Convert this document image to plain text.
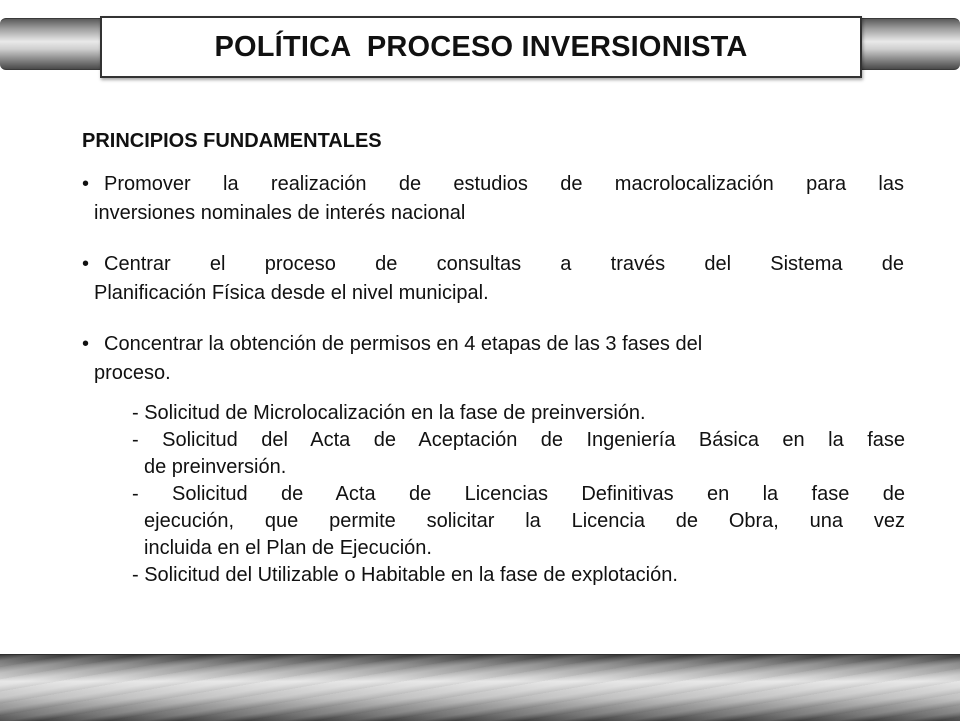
POLÍTICA  PROCESO INVERSIONISTA
PRINCIPIOS FUNDAMENTALES
• Promover la realización de estudios de macrolocalización para las
inversiones nominales de interés nacional
• Centrar el proceso de consultas a través del Sistema de
Planificación Física desde el nivel municipal.
• Concentrar la obtención de permisos en 4 etapas de las 3 fases del
proceso.
- Solicitud de Microlocalización en la fase de preinversión.
- Solicitud del Acta de Aceptación de Ingeniería Básica en la fase
de preinversión.
- Solicitud de Acta de Licencias Definitivas en la fase de
ejecución, que permite solicitar la Licencia de Obra, una vez
incluida en el Plan de Ejecución.
- Solicitud del Utilizable o Habitable en la fase de explotación.
